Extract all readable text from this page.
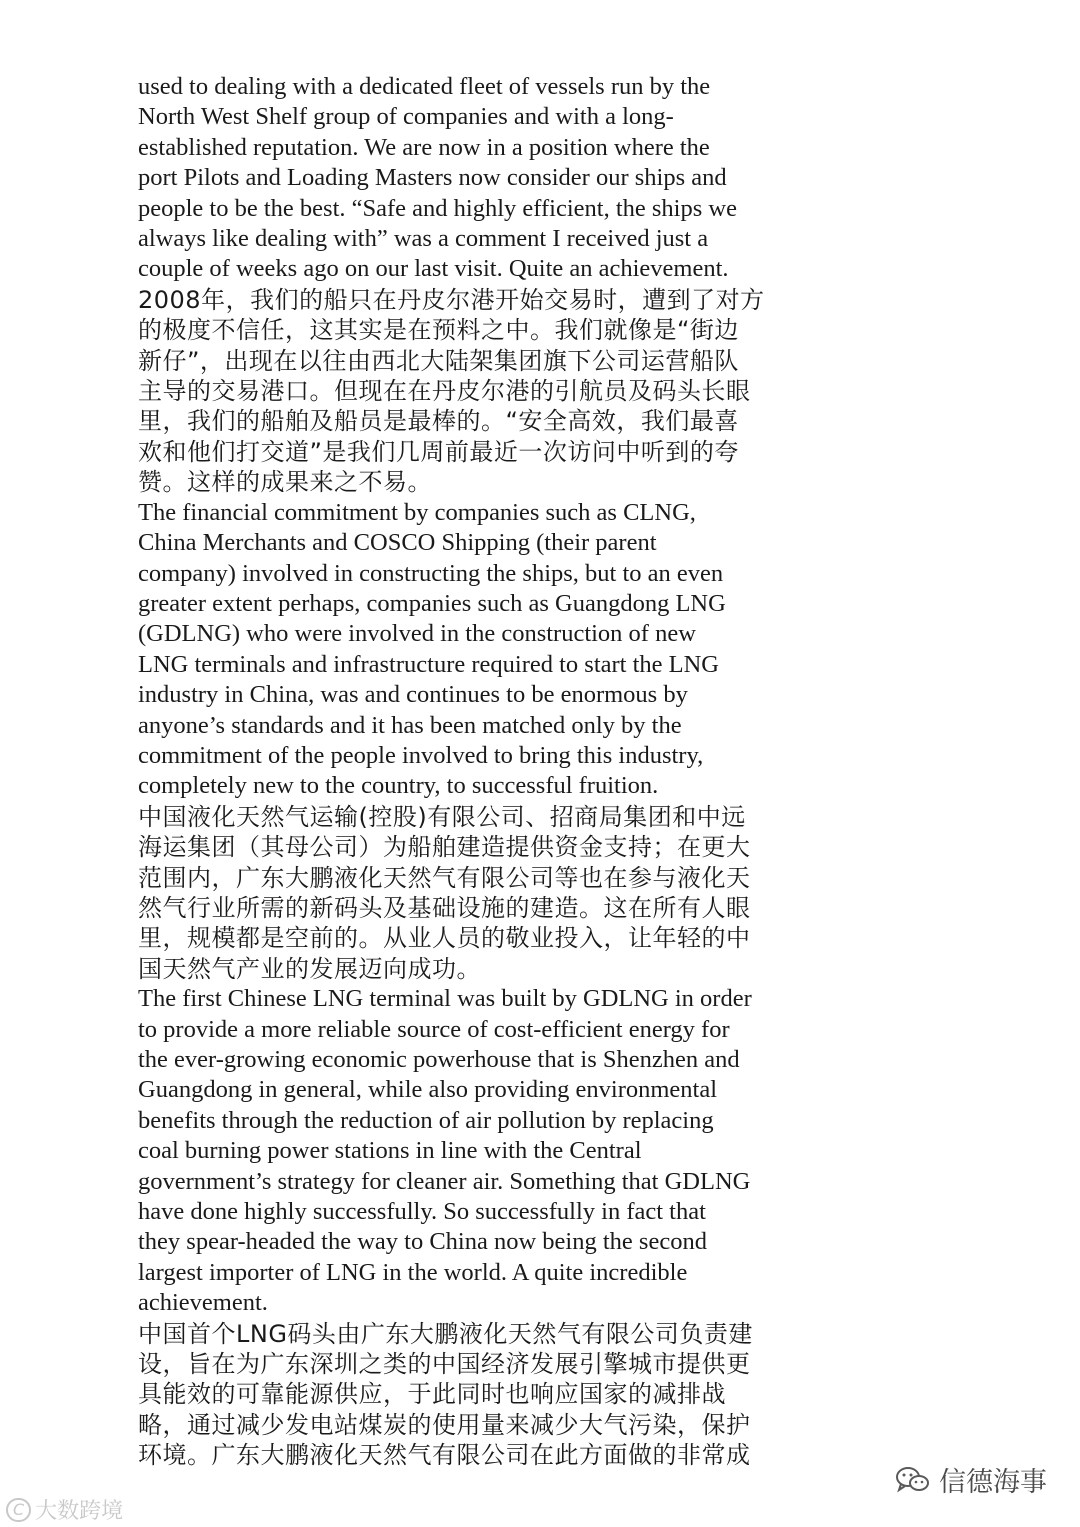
used to dealing with a dedicated fleet of vessels run by the
North West Shelf group of companies and with a long-
established reputation. We are now in a position where the
port Pilots and Loading Masters now consider our ships and
people to be the best. “Safe and highly efficient, the ships we
always like dealing with” was a comment I received just a
couple of weeks ago on our last visit. Quite an achievement.

2008年，我们的船只在丹皮尔港开始交易时，遭到了对方
的极度不信任，这其实是在预料之中。我们就像是“街边
新仔”，出现在以往由西北大陆架集团旗下公司运营船队
主导的交易港口。但现在在丹皮尔港的引航员及码头长眼
里，我们的船舶及船员是最棒的。“安全高效，我们最喜
欢和他们打交道”是我们几周前最近一次访问中听到的夸
赞。这样的成果来之不易。

The financial commitment by companies such as CLNG,
China Merchants and COSCO Shipping (their parent
company) involved in constructing the ships, but to an even
greater extent perhaps, companies such as Guangdong LNG
(GDLNG) who were involved in the construction of new
LNG terminals and infrastructure required to start the LNG
industry in China, was and continues to be enormous by
anyone’s standards and it has been matched only by the
commitment of the people involved to bring this industry,
completely new to the country, to successful fruition.

中国液化天然气运输(控股)有限公司、招商局集团和中远
海运集团（其母公司）为船舶建造提供资金支持；在更大
范围内，广东大鹏液化天然气有限公司等也在参与液化天
然气行业所需的新码头及基础设施的建造。这在所有人眼
里，规模都是空前的。从业人员的敬业投入，让年轻的中
国天然气产业的发展迈向成功。

The first Chinese LNG terminal was built by GDLNG in order
to provide a more reliable source of cost-efficient energy for
the ever-growing economic powerhouse that is Shenzhen and
Guangdong in general, while also providing environmental
benefits through the reduction of air pollution by replacing
coal burning power stations in line with the Central
government’s strategy for cleaner air. Something that GDLNG
have done highly successfully. So successfully in fact that
they spear-headed the way to China now being the second
largest importer of LNG in the world. A quite incredible
achievement.

中国首个LNG码头由广东大鹏液化天然气有限公司负责建
设，旨在为广东深圳之类的中国经济发展引擎城市提供更
具能效的可靠能源供应，于此同时也响应国家的减排战
略，通过减少发电站煤炭的使用量来减少大气污染，保护
环境。广东大鹏液化天然气有限公司在此方面做的非常成

C 大数跨境
信德海事
